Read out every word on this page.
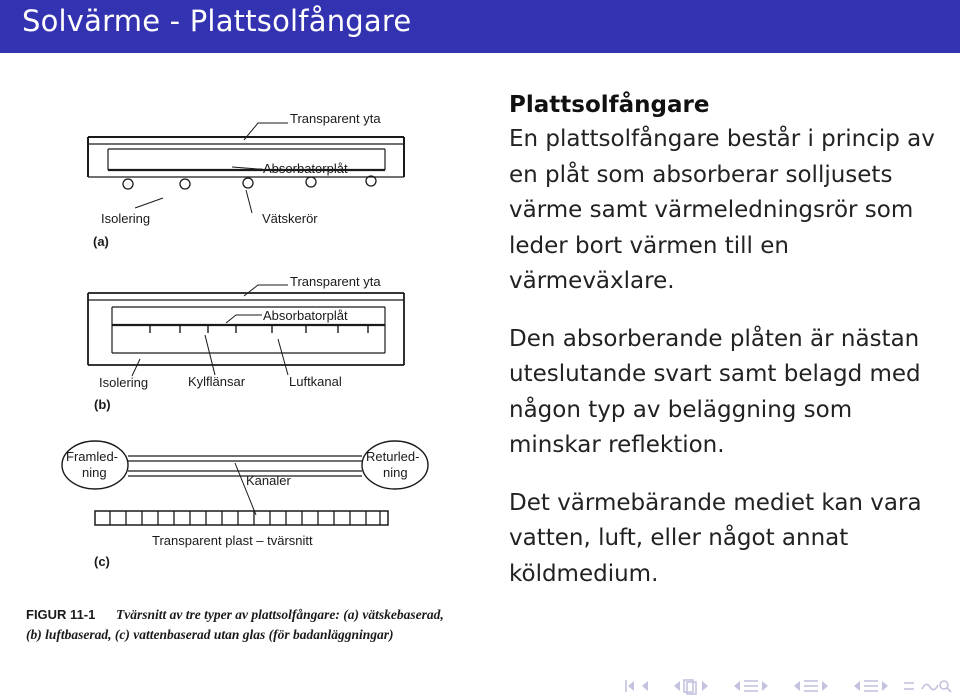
Solvärme - Plattsolfångare
Transparent yta
Absorbatorplåt
Isolering	Vätskerör
(a)
Transparent yta
Absorbatorplåt
Isolering	Kylflänsar	Luftkanal
(b)
Framled-
ning
Returled-
ning
Kanaler
Transparent plast – tvärsnitt
(c)
FIGUR 11-1 Tvärsnitt av tre typer av plattsolfångare: (a) vätskebaserad,
(b) luftbaserad, (c) vattenbaserad utan glas (för badanläggningar)

Plattsolfångare

En plattsolfångare består i princip av en plåt som absorberar solljusets värme samt värmeledningsrör som leder bort värmen till en värmeväxlare.

Den absorberande plåten är nästan uteslutande svart samt belagd med någon typ av beläggning som minskar reflektion.

Det värmebärande mediet kan vara vatten, luft, eller något annat köldmedium.
